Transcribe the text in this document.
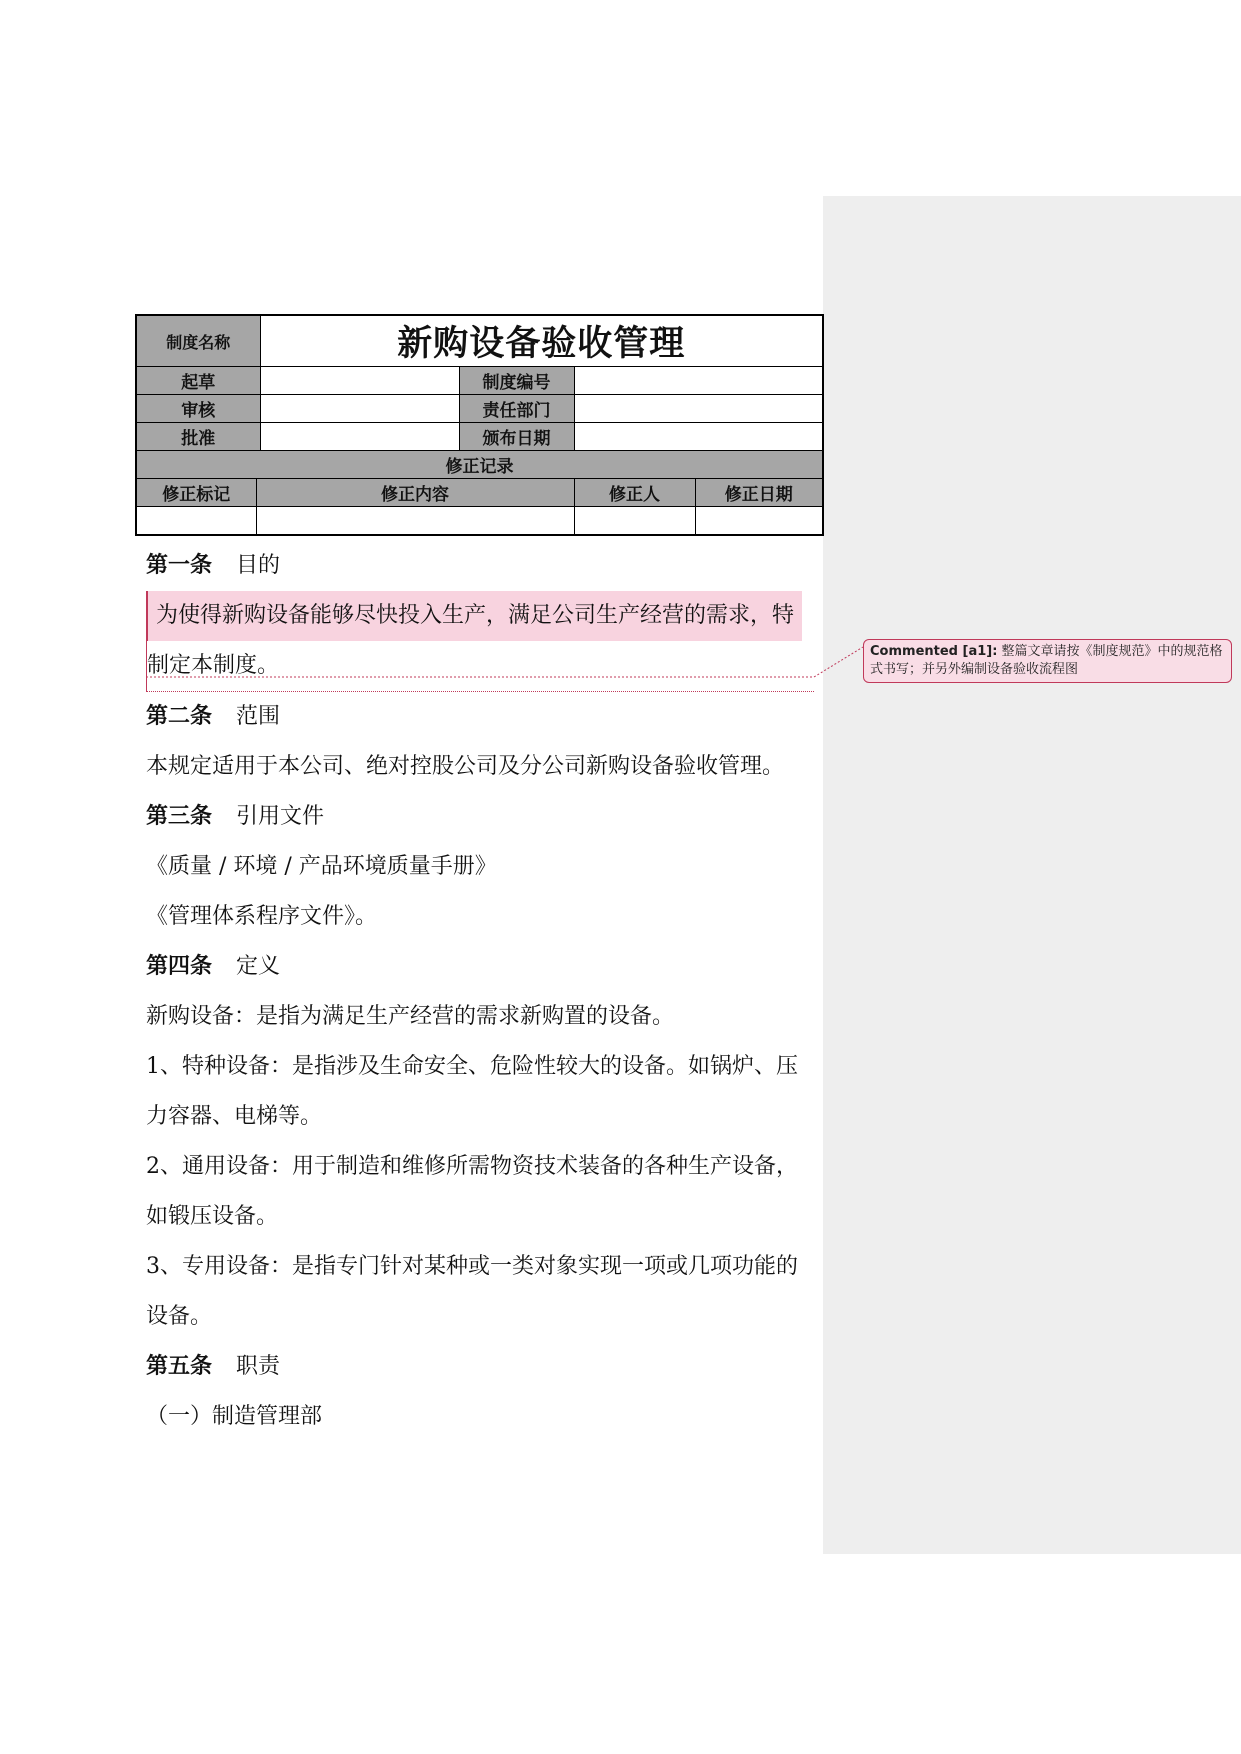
制度名称		新购设备验收管理			
起草			制度编号		
审核			责任部门		
批准			颁布日期		
修正记录					
修正标记	修正内容			修正人	修正日期

第一条 目的

为使得新购设备能够尽快投入生产，满足公司生产经营的需求，特

制定本制度。

第二条 范围

本规定适用于本公司、绝对控股公司及分公司新购设备验收管理。

第三条 引用文件

《质量 / 环境 / 产品环境质量手册》

《管理体系程序文件》。

第四条 定义

新购设备：是指为满足生产经营的需求新购置的设备。

1、特种设备：是指涉及生命安全、危险性较大的设备。如锅炉、压

力容器、电梯等。

2、通用设备：用于制造和维修所需物资技术装备的各种生产设备，

如锻压设备。

3、专用设备：是指专门针对某种或一类对象实现一项或几项功能的

设备。

第五条 职责

（一）制造管理部

Commented [a1]: 整篇文章请按《制度规范》中的规范格式书写；并另外编制设备验收流程图
